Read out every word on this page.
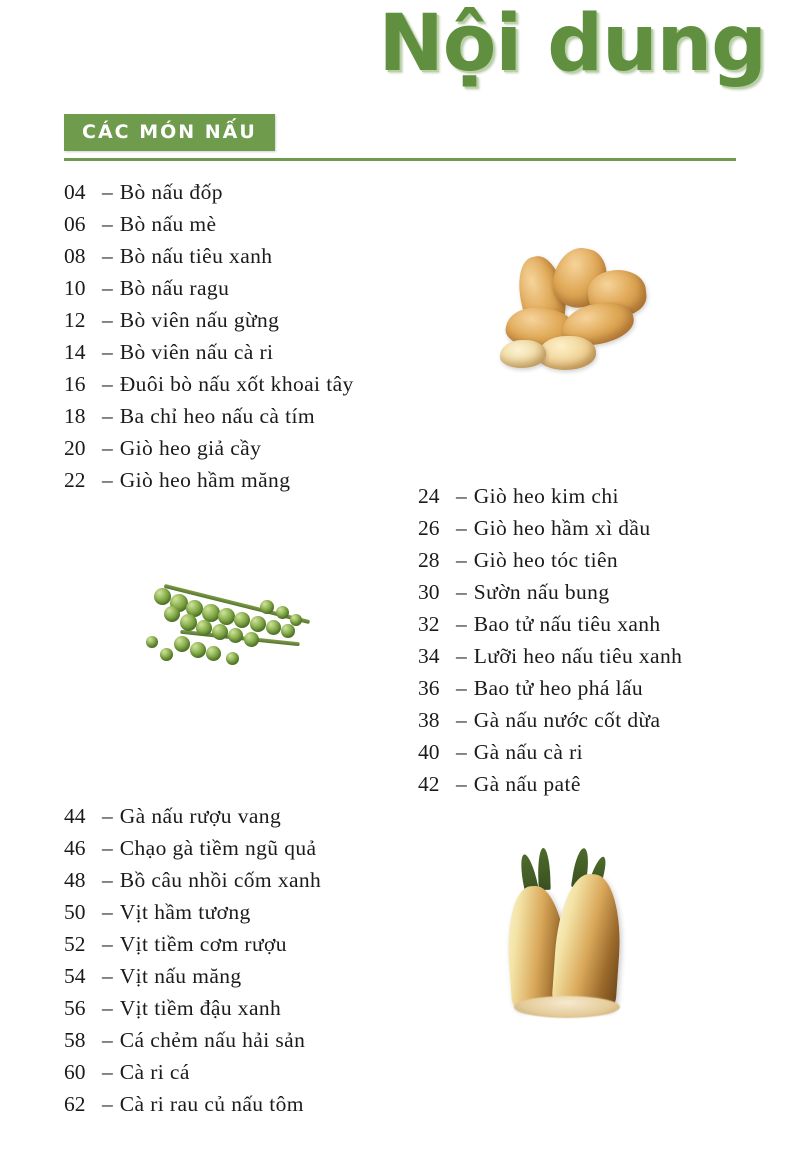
Nội dung
CÁC MÓN NẤU
04 – Bò nấu đốp
06 – Bò nấu mè
08 – Bò nấu tiêu xanh
10 – Bò nấu ragu
12 – Bò viên nấu gừng
14 – Bò viên nấu cà ri
16 – Đuôi bò nấu xốt khoai tây
18 – Ba chỉ heo nấu cà tím
20 – Giò heo giả cầy
22 – Giò heo hầm măng
24 – Giò heo kim chi
26 – Giò heo hầm xì dầu
28 – Giò heo tóc tiên
30 – Sườn nấu bung
32 – Bao tử nấu tiêu xanh
34 – Lưỡi heo nấu tiêu xanh
36 – Bao tử heo phá lấu
38 – Gà nấu nước cốt dừa
40 – Gà nấu cà ri
42 – Gà nấu patê
44 – Gà nấu rượu vang
46 – Chạo gà tiềm ngũ quả
48 – Bồ câu nhồi cốm xanh
50 – Vịt hầm tương
52 – Vịt tiềm cơm rượu
54 – Vịt nấu măng
56 – Vịt tiềm đậu xanh
58 – Cá chẻm nấu hải sản
60 – Cà ri cá
62 – Cà ri rau củ nấu tôm
